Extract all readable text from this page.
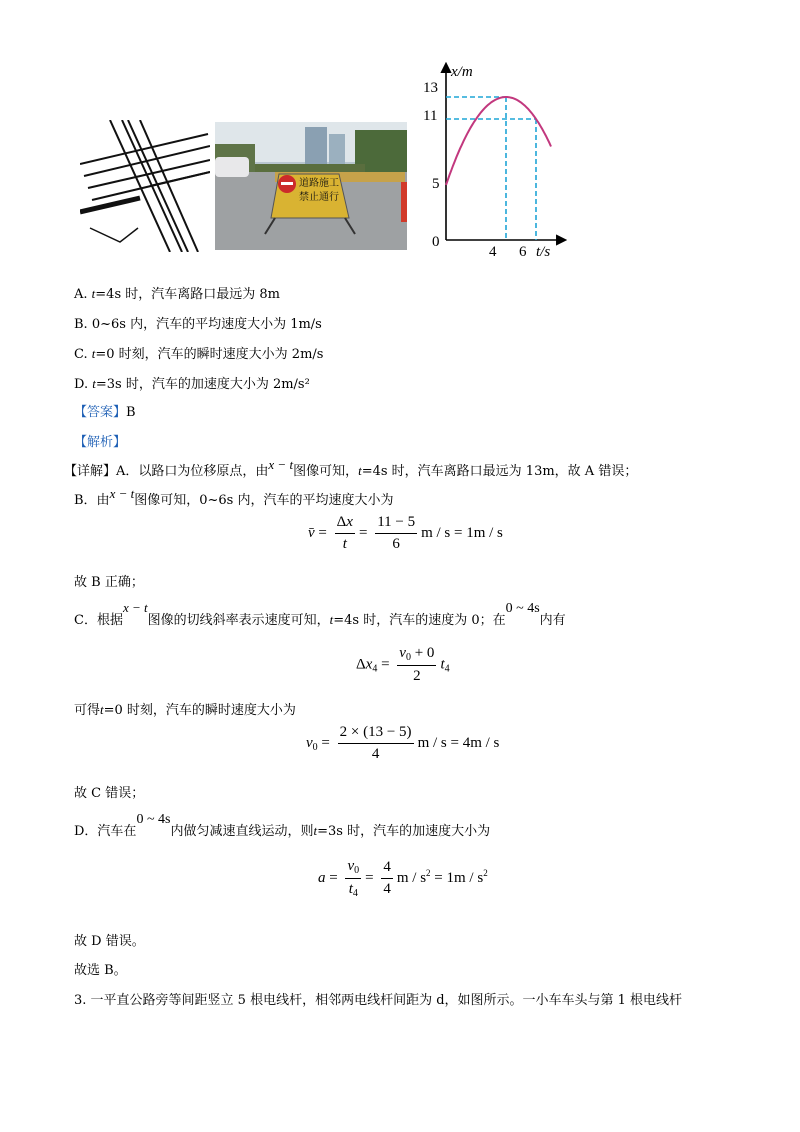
道路施工
禁止通行
x/m
t/s
13
11
5
0
4 6
A. t=4s 时，汽车离路口最远为 8m
B. 0~6s 内，汽车的平均速度大小为 1m/s
C. t=0 时刻，汽车的瞬时速度大小为 2m/s
D. t=3s 时，汽车的加速度大小为 2m/s²
【答案】B
【解析】
【详解】A．以路口为位移原点，由x − t图像可知，t=4s 时，汽车离路口最远为 13m，故 A 错误；
B．由x − t图像可知，0~6s 内，汽车的平均速度大小为
v̄ = $\frac{\Delta x}{t} = \frac{11 - 5}{6}$ m / s = 1m / s
故 B 正确；
C．根据x − t图像的切线斜率表示速度可知，t=4s 时，汽车的速度为 0；在0 ~ 4s内有
$\Delta x_4 = \frac{v_0 + 0}{2} t_4$
可得t=0 时刻，汽车的瞬时速度大小为
$v_0 = \frac{2 \times (13 - 5)}{4}$ m / s = 4m / s
故 C 错误；
D．汽车在0 ~ 4s内做匀减速直线运动，则t=3s 时，汽车的加速度大小为
$a = \frac{v_0}{t_4} = \frac{4}{4}$ $m / s^2 = 1m / s^2$
故 D 错误。
故选 B。
3. 一平直公路旁等间距竖立 5 根电线杆，相邻两电线杆间距为 d，如图所示。一小车车头与第 1 根电线杆
